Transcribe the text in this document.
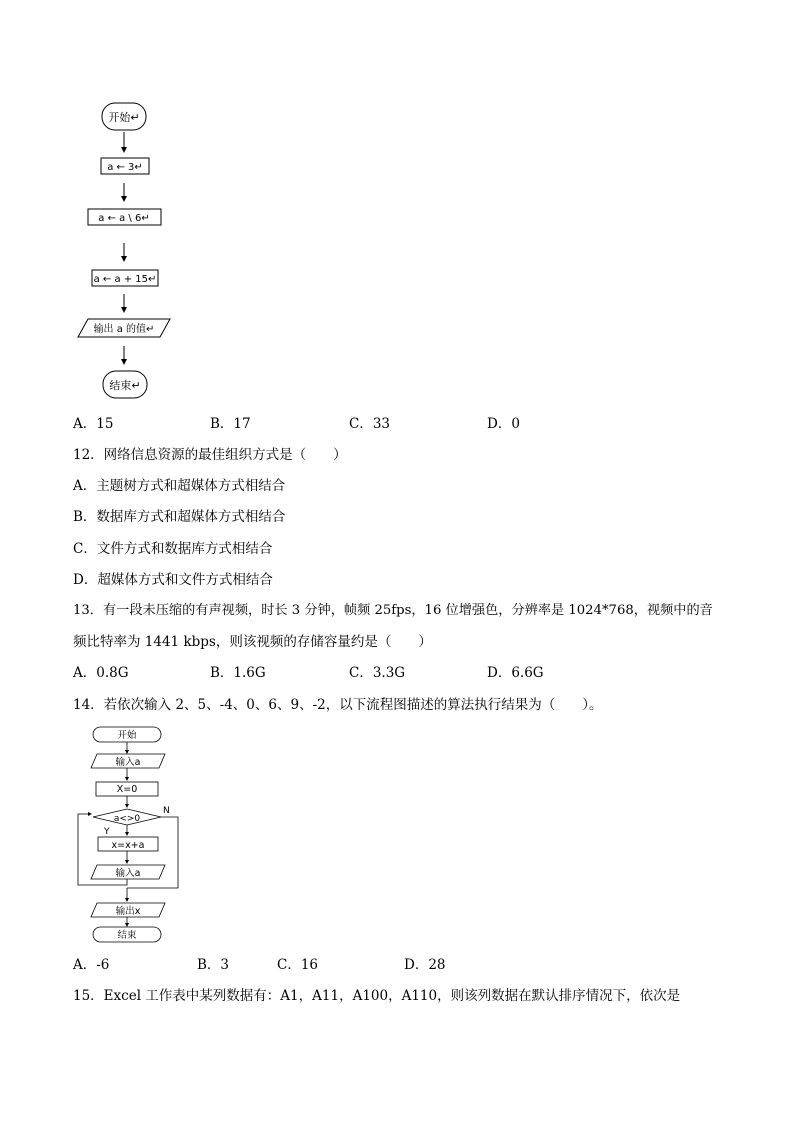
开始↵
a ← 3↵
a ← a \ 6↵
a ← a + 15↵
输出 a 的值↵
结束↵
A．15	B．17	C．33	D．0
12．网络信息资源的最佳组织方式是（　　）
A．主题树方式和超媒体方式相结合
B．数据库方式和超媒体方式相结合
C．文件方式和数据库方式相结合
D．超媒体方式和文件方式相结合
13．有一段未压缩的有声视频，时长 3 分钟，帧频 25fps，16 位增强色，分辨率是 1024*768，视频中的音
频比特率为 1441 kbps，则该视频的存储容量约是（　　）
A．0.8G	B．1.6G	C．3.3G	D．6.6G
14．若依次输入 2、5、-4、0、6、9、-2，以下流程图描述的算法执行结果为（　　）。
开始
输入a
X=0
a<>0
N
Y
x=x+a
输入a
输出x
结束
A．-6	B．3	C．16	D．28
15．Excel 工作表中某列数据有：A1，A11，A100，A110，则该列数据在默认排序情况下，依次是
